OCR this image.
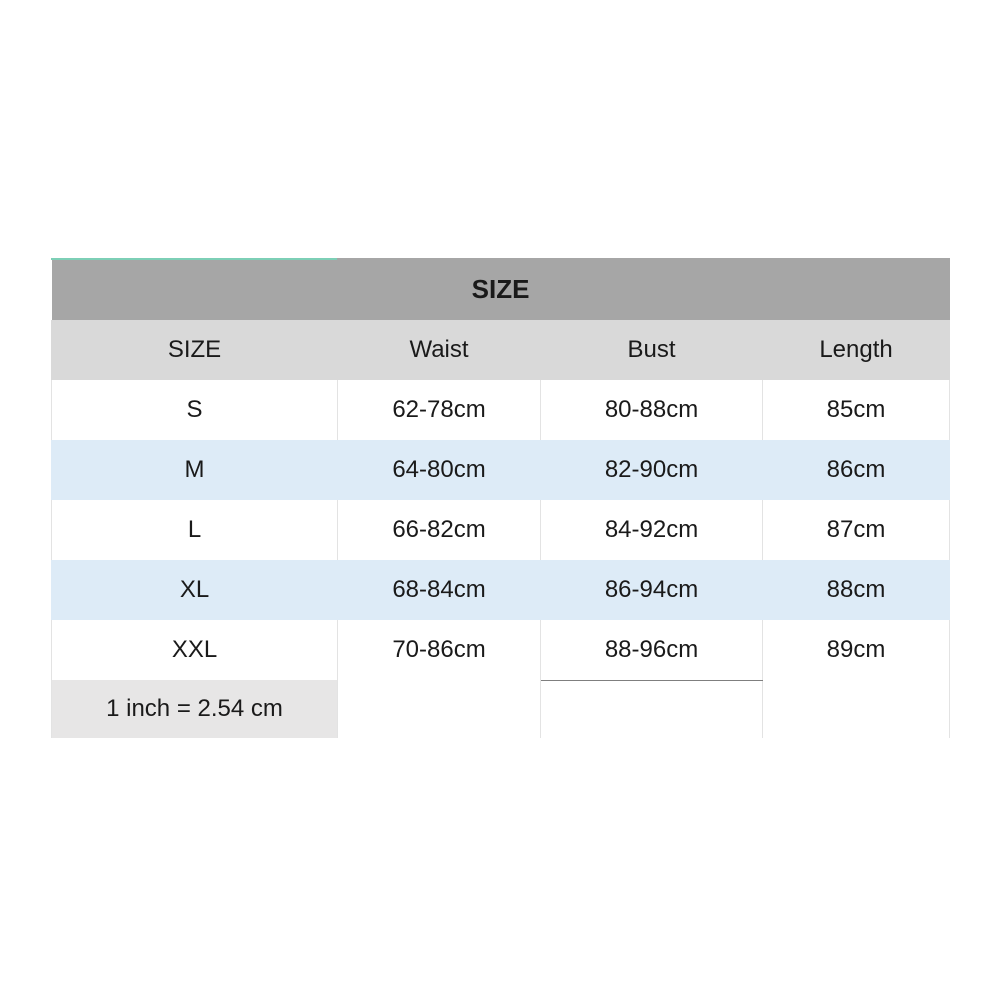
SIZE			
SIZE	Waist	Bust	Length
S	62-78cm	80-88cm	85cm
M	64-80cm	82-90cm	86cm
L	66-82cm	84-92cm	87cm
XL	68-84cm	86-94cm	88cm
XXL	70-86cm	88-96cm	89cm
1 inch = 2.54 cm			
